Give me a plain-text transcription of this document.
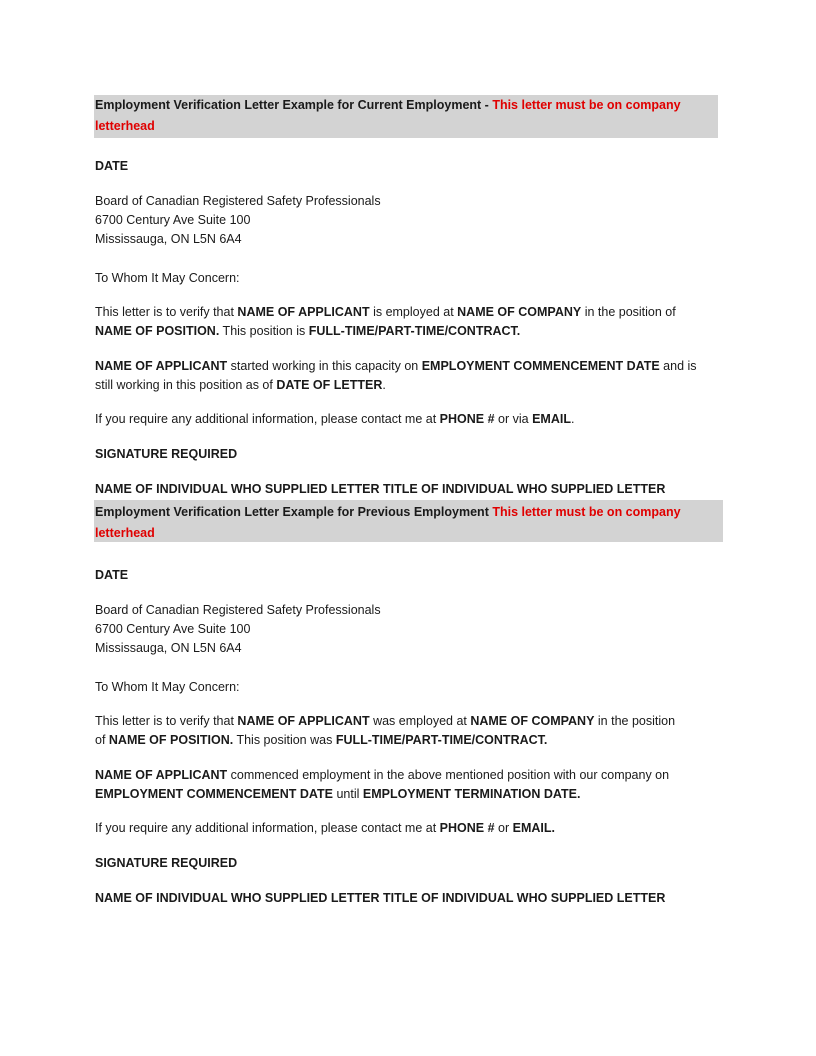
Employment Verification Letter Example for Current Employment - This letter must be on company
letterhead
DATE
Board of Canadian Registered Safety Professionals
6700 Century Ave Suite 100
Mississauga, ON L5N 6A4
To Whom It May Concern:
This letter is to verify that NAME OF APPLICANT is employed at NAME OF COMPANY in the position of
NAME OF POSITION. This position is FULL-TIME/PART-TIME/CONTRACT.
NAME OF APPLICANT started working in this capacity on EMPLOYMENT COMMENCEMENT DATE and is
still working in this position as of DATE OF LETTER.
If you require any additional information, please contact me at PHONE # or via EMAIL.
SIGNATURE REQUIRED
NAME OF INDIVIDUAL WHO SUPPLIED LETTER TITLE OF INDIVIDUAL WHO SUPPLIED LETTER
Employment Verification Letter Example for Previous Employment This letter must be on company
letterhead
DATE
Board of Canadian Registered Safety Professionals
6700 Century Ave Suite 100
Mississauga, ON L5N 6A4
To Whom It May Concern:
This letter is to verify that NAME OF APPLICANT was employed at NAME OF COMPANY in the position
of NAME OF POSITION. This position was FULL-TIME/PART-TIME/CONTRACT.
NAME OF APPLICANT commenced employment in the above mentioned position with our company on
EMPLOYMENT COMMENCEMENT DATE until EMPLOYMENT TERMINATION DATE.
If you require any additional information, please contact me at PHONE # or EMAIL.
SIGNATURE REQUIRED
NAME OF INDIVIDUAL WHO SUPPLIED LETTER TITLE OF INDIVIDUAL WHO SUPPLIED LETTER
